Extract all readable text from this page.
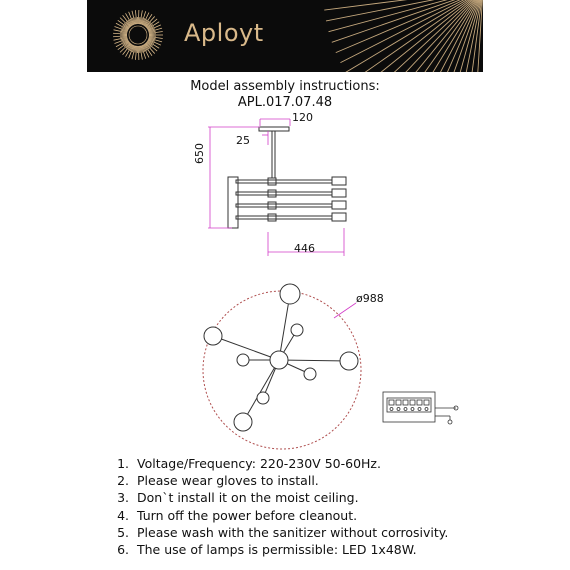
Aployt
Model assembly instructions:
APL.017.07.48
120
25
650
446
ø988
1. Voltage/Frequency: 220-230V 50-60Hz.
2. Please wear gloves to install.
3. Don`t install it on the moist ceiling.
4. Turn off the power before cleanout.
5. Please wash with the sanitizer without corrosivity.
6. The use of lamps is permissible: LED 1x48W.
